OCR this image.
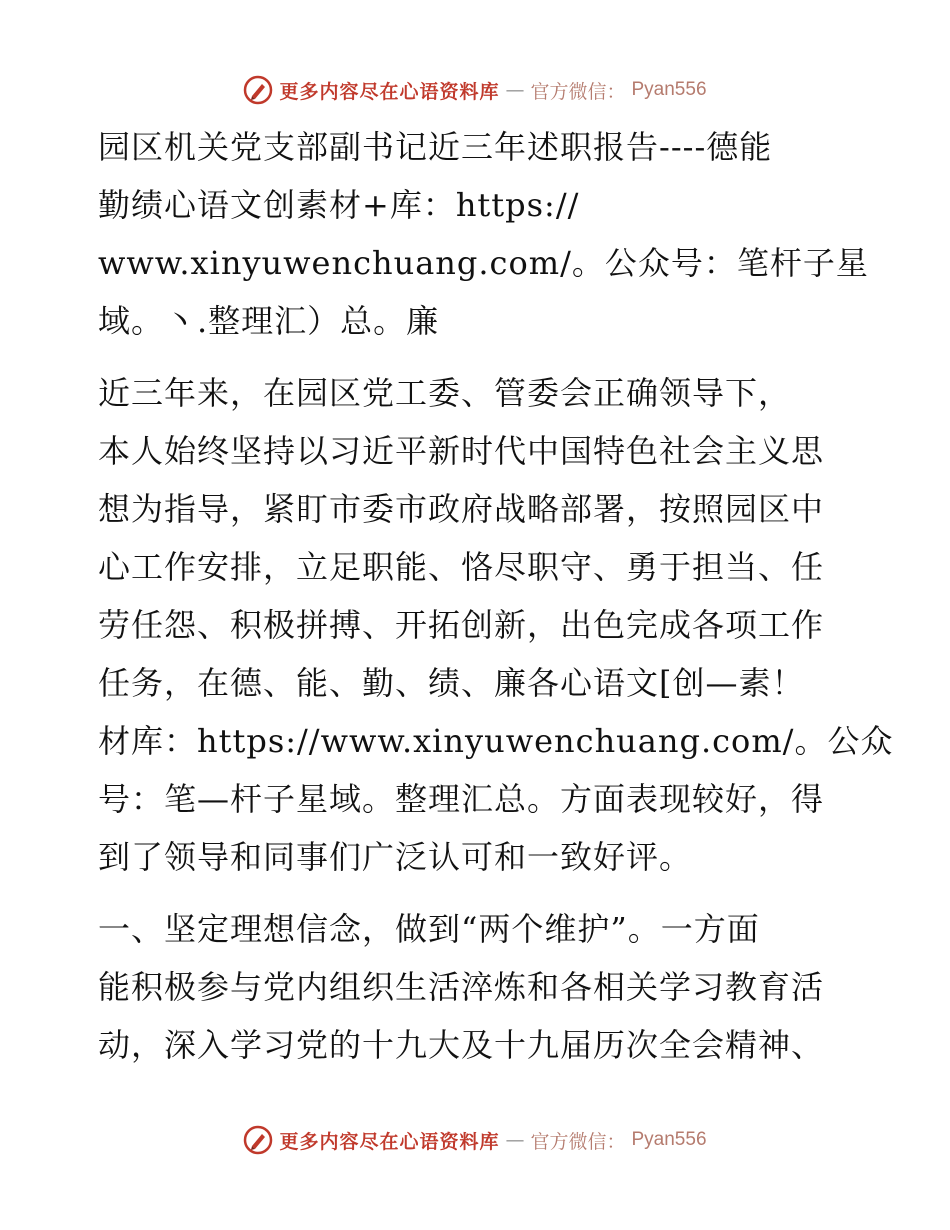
更多内容尽在心语资料库 — 官方微信： Pyan556

园区机关党支部副书记近三年述职报告----德能
勤绩心语文创素材+库：https://
www.xinyuwenchuang.com/。公众号：笔杆子星
域。丶.整理汇）总。廉

近三年来，在园区党工委、管委会正确领导下，
本人始终坚持以习近平新时代中国特色社会主义思
想为指导，紧盯市委市政府战略部署，按照园区中
心工作安排，立足职能、恪尽职守、勇于担当、任
劳任怨、积极拼搏、开拓创新，出色完成各项工作
任务，在德、能、勤、绩、廉各心语文[创—素！
材库：https://www.xinyuwenchuang.com/。公众
号：笔—杆子星域。整理汇总。方面表现较好，得
到了领导和同事们广泛认可和一致好评。

一、坚定理想信念，做到“两个维护”。一方面
能积极参与党内组织生活淬炼和各相关学习教育活
动，深入学习党的十九大及十九届历次全会精神、

更多内容尽在心语资料库 — 官方微信： Pyan556
